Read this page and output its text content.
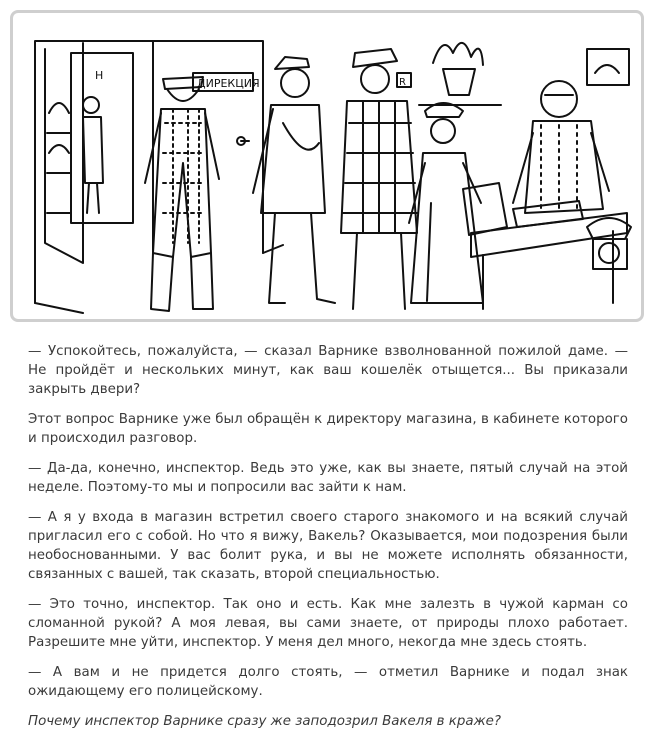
ДИРЕКЦИЯ
Н
R

— Успокойтесь, пожалуйста, — сказал Варнике взволнованной пожилой даме. — Не пройдёт и нескольких минут, как ваш кошелёк отыщется... Вы приказали закрыть двери?

Этот вопрос Варнике уже был обращён к директору магазина, в кабинете которого и происходил разговор.

— Да-да, конечно, инспектор. Ведь это уже, как вы знаете, пятый случай на этой неделе. Поэтому-то мы и попросили вас зайти к нам.

— А я у входа в магазин встретил своего старого знакомого и на всякий случай пригласил его с собой. Но что я вижу, Вакель? Оказывается, мои подозрения были необоснованными. У вас болит рука, и вы не можете исполнять обязанности, связанных с вашей, так сказать, второй специальностью.

— Это точно, инспектор. Так оно и есть. Как мне залезть в чужой карман со сломанной рукой? А моя левая, вы сами знаете, от природы плохо работает. Разрешите мне уйти, инспектор. У меня дел много, некогда мне здесь стоять.

— А вам и не придется долго стоять, — отметил Варнике и подал знак ожидающему его полицейскому.

Почему инспектор Варнике сразу же заподозрил Вакеля в краже?
